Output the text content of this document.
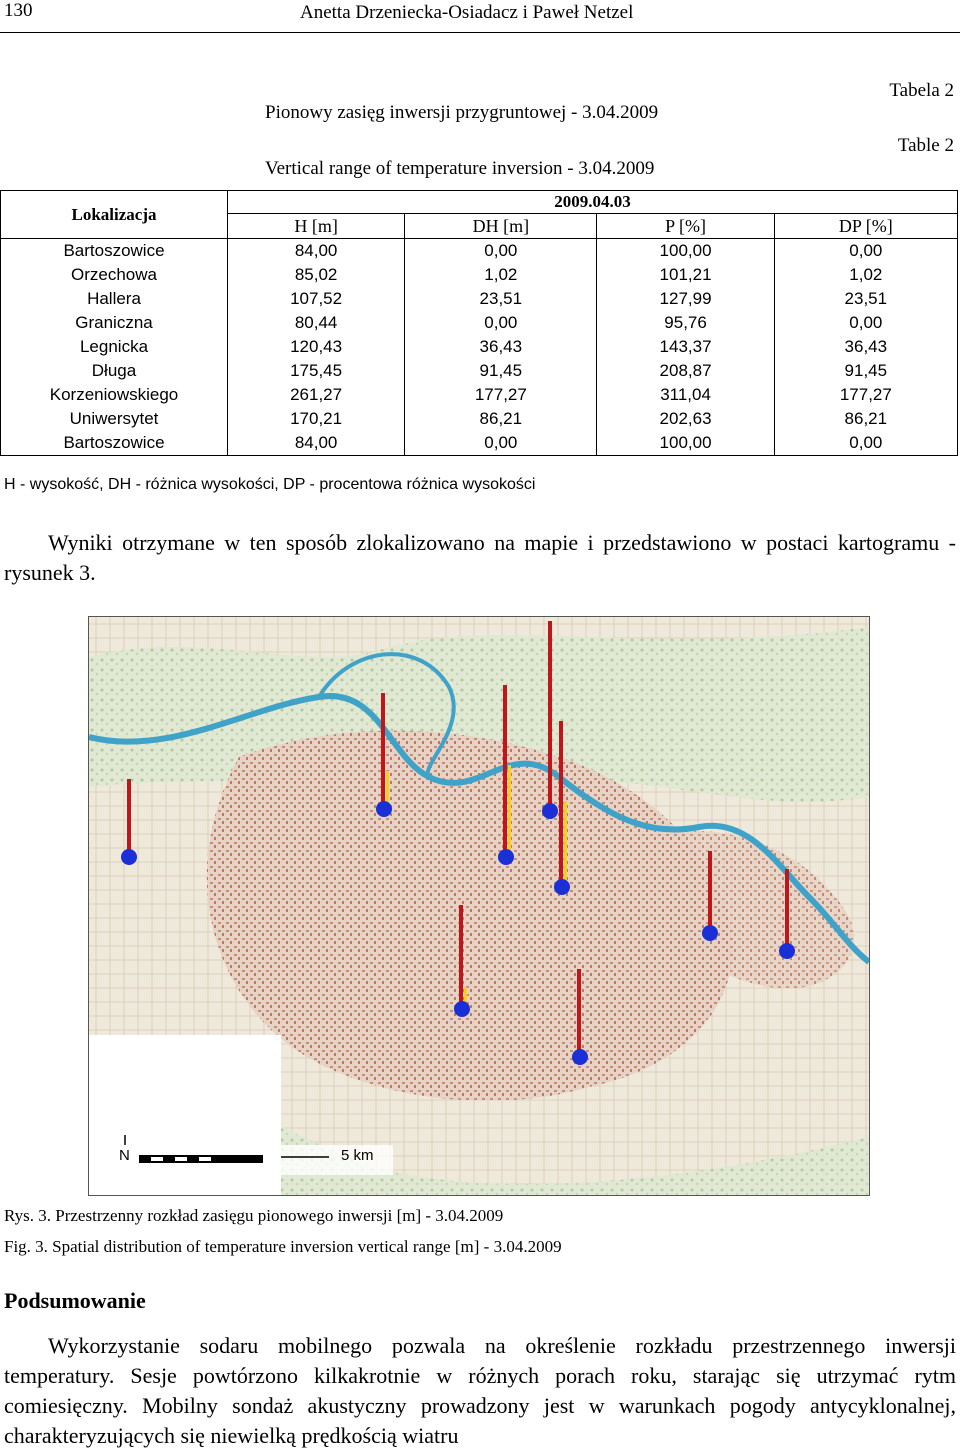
130	Anetta Drzeniecka-Osiadacz i Paweł Netzel
Tabela 2
Table 2
Pionowy zasięg inwersji przygruntowej - 3.04.2009
Vertical range of temperature inversion - 3.04.2009
Lokalizacja	2009.04.03			
	H [m]	DH [m]	P [%]	DP [%]
Bartoszowice	84,00	0,00	100,00	0,00
Orzechowa	85,02	1,02	101,21	1,02
Hallera	107,52	23,51	127,99	23,51
Graniczna	80,44	0,00	95,76	0,00
Legnicka	120,43	36,43	143,37	36,43
Długa	175,45	91,45	208,87	91,45
Korzeniowskiego	261,27	177,27	311,04	177,27
Uniwersytet	170,21	86,21	202,63	86,21
Bartoszowice	84,00	0,00	100,00	0,00
H - wysokość, DH - różnica wysokości, DP - procentowa różnica wysokości
Wyniki otrzymane w ten sposób zlokalizowano na mapie i przedstawiono w postaci kartogramu - rysunek 3.
N	5 km
Rys. 3. Przestrzenny rozkład zasięgu pionowego inwersji [m] - 3.04.2009
Fig. 3. Spatial distribution of temperature inversion vertical range [m] - 3.04.2009
Podsumowanie
Wykorzystanie sodaru mobilnego pozwala na określenie rozkładu przestrzennego inwersji temperatury. Sesje powtórzono kilkakrotnie w różnych porach roku, starając się utrzymać rytm comiesięczny. Mobilny sondaż akustyczny prowadzony jest w warunkach pogody antycyklonalnej, charakteryzujących się niewielką prędkością wiatru
